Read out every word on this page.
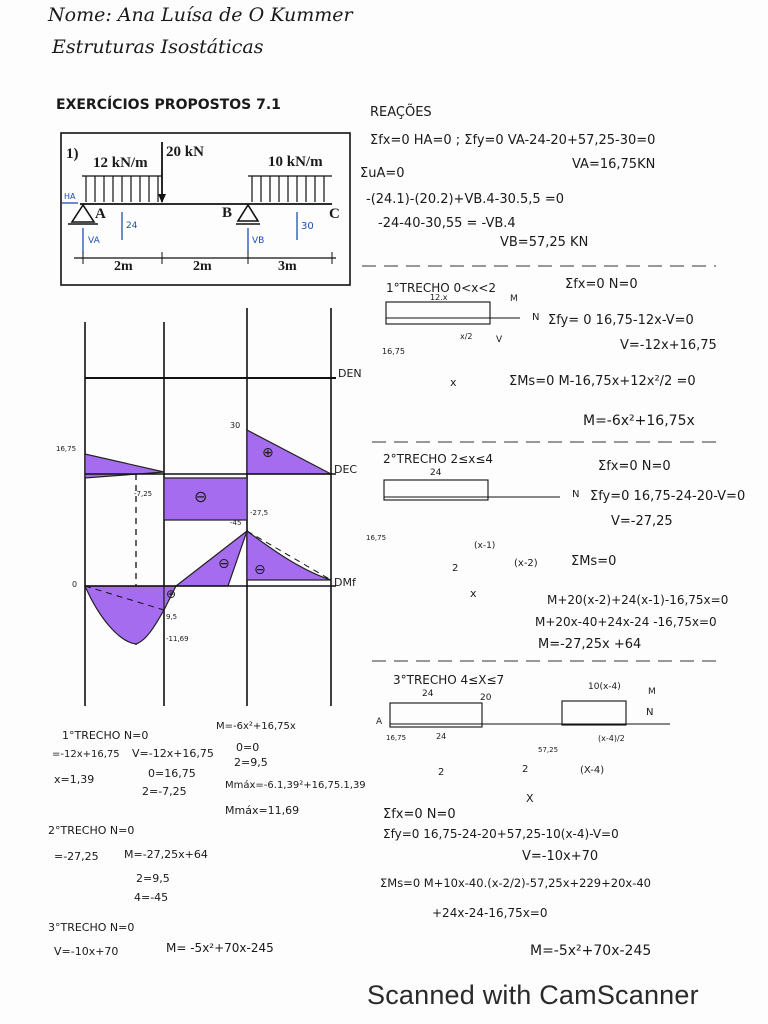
Nome: Ana Luísa de O Kummer
Estruturas Isostáticas
EXERCÍCIOS PROPOSTOS 7.1
1)
12 kN/m
20 kN
10 kN/m
A	B	C
HA
VA
24
VB
30
2m	2m	3m
DEN
DEC
DMf
16,75
30
-7,25
-45
-27,5
0
9,5
-11,69
⊕
⊖
⊕
⊖ ⊖
REAÇÕES
Σfx=0 HA=0 ; Σfy=0 VA-24-20+57,25-30=0
VA=16,75KN
ΣuA=0
-(24.1)-(20.2)+VB.4-30.5,5 =0
-24-40-30,55 = -VB.4
VB=57,25 KN
1°TRECHO 0<x<2	Σfx=0 N=0
Σfy= 0 16,75-12x-V=0
V=-12x+16,75
12.x
16,75
x/2
x	ΣMs=0 M-16,75x+12x²/2 =0
M=-6x²+16,75x
N
V
M
2°TRECHO 2≤x≤4	Σfx=0 N=0
Σfy=0 16,75-24-20-V=0
V=-27,25
24
16,75
(x-1)
(x-2)
2
x
ΣMs=0
M+20(x-2)+24(x-1)-16,75x=0
M+20x-40+24x-24 -16,75x=0
M=-27,25x +64
N
3°TRECHO 4≤X≤7
24	20
10(x-4)
A
16,75	24
57,25
(x-4)/2
2	2	(X-4)
X
N
M
Σfx=0 N=0
Σfy=0 16,75-24-20+57,25-10(x-4)-V=0
V=-10x+70
ΣMs=0 M+10x-40.(x-2/2)-57,25x+229+20x-40
+24x-24-16,75x=0
M=-5x²+70x-245
1°TRECHO N=0
M=-6x²+16,75x
=-12x+16,75 V=-12x+16,75
x=1,39	0=16,75
2=-7,25
0=0
2=9,5
Mmáx=-6.1,39²+16,75.1,39
Mmáx=11,69
2°TRECHO N=0
=-27,25 M=-27,25x+64
2=9,5
4=-45
3°TRECHO N=0
V=-10x+70	M= -5x²+70x-245
Scanned with CamScanner
